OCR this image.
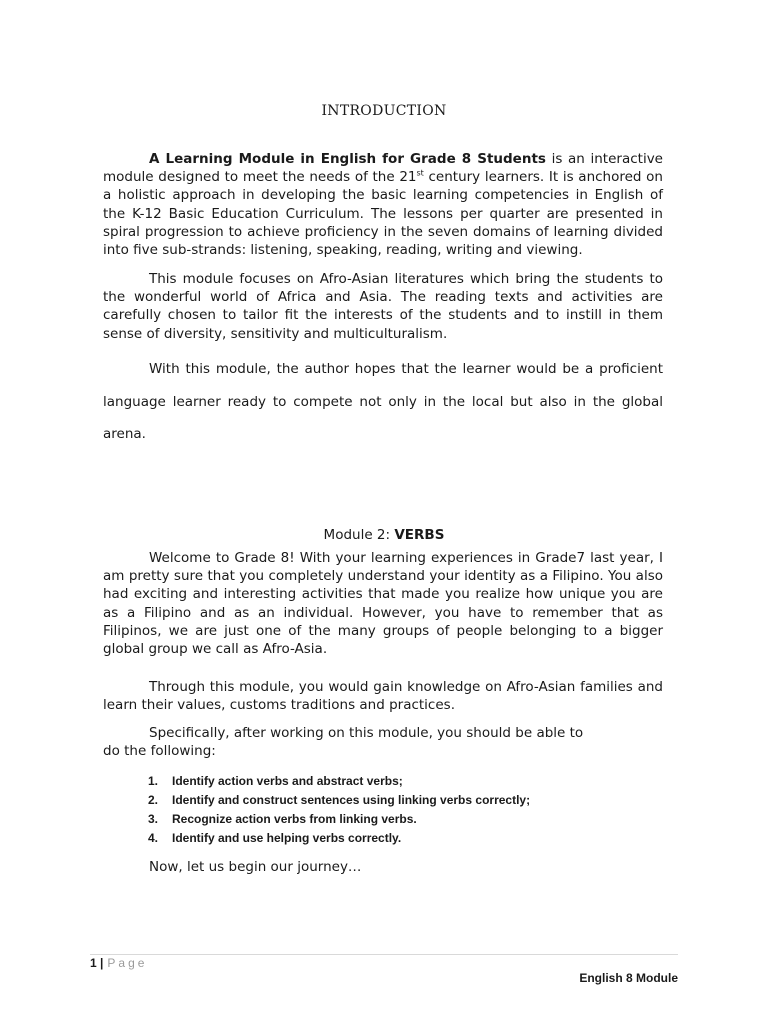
INTRODUCTION

A Learning Module in English for Grade 8 Students is an interactive module designed to meet the needs of the 21st century learners. It is anchored on a holistic approach in developing the basic learning competencies in English of the K-12 Basic Education Curriculum. The lessons per quarter are presented in spiral progression to achieve proficiency in the seven domains of learning divided into five sub-strands: listening, speaking, reading, writing and viewing.

This module focuses on Afro-Asian literatures which bring the students to the wonderful world of Africa and Asia. The reading texts and activities are carefully chosen to tailor fit the interests of the students and to instill in them sense of diversity, sensitivity and multiculturalism.

With this module, the author hopes that the learner would be a proficient language learner ready to compete not only in the local but also in the global arena.

Module 2: VERBS

Welcome to Grade 8! With your learning experiences in Grade7 last year, I am pretty sure that you completely understand your identity as a Filipino. You also had exciting and interesting activities that made you realize how unique you are as a Filipino and as an individual. However, you have to remember that as Filipinos, we are just one of the many groups of people belonging to a bigger global group we call as Afro-Asia.

Through this module, you would gain knowledge on Afro-Asian families and learn their values, customs traditions and practices.

Specifically, after working on this module, you should be able to

do the following:

1.	Identify action verbs and abstract verbs;
2.	Identify and construct sentences using linking verbs correctly;
3.	Recognize action verbs from linking verbs.
4.	Identify and use helping verbs correctly.

Now, let us begin our journey…

1 | Page
English 8 Module
